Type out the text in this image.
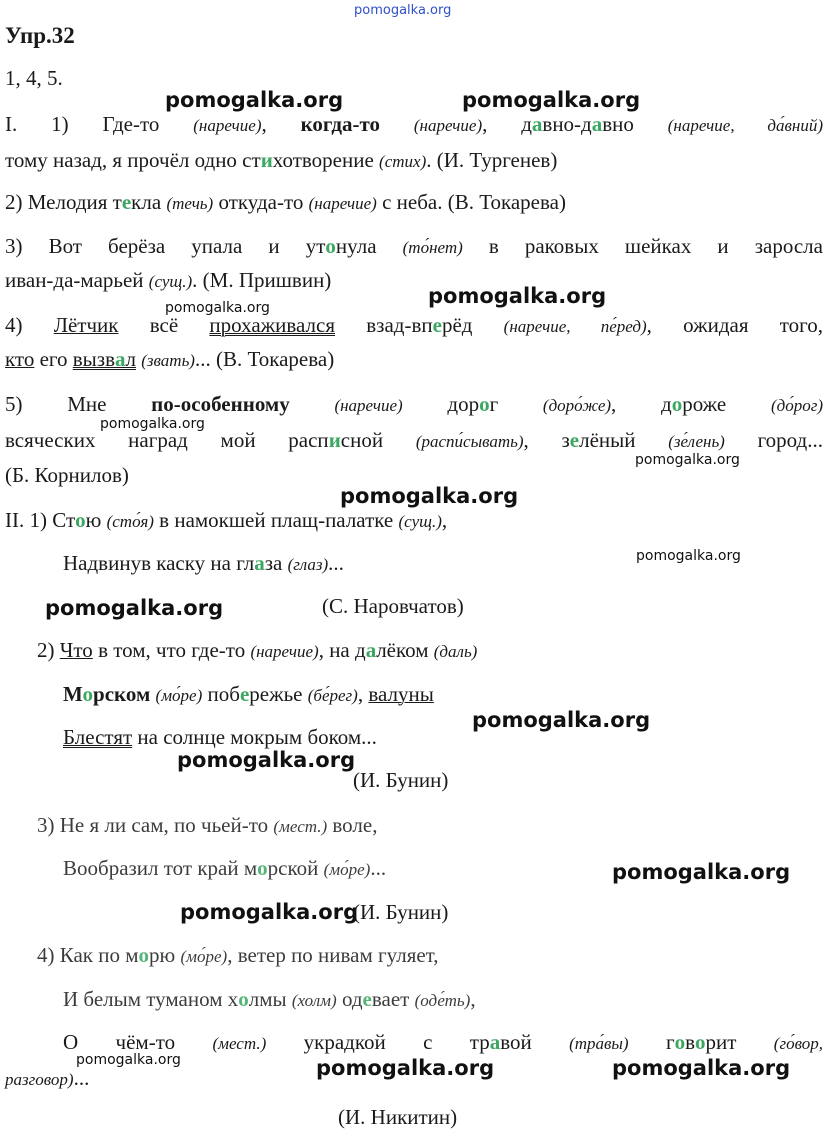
pomogalka.org
Упр.32
1, 4, 5.
I. 1) Где-то (наречие), когда-то (наречие), давно-давно (наречие, да́вний)
тому назад, я прочёл одно стихотворение (стих). (И. Тургенев)
2) Мелодия текла (течь) откуда-то (наречие) с неба. (В. Токарева)
3) Вот берёза упала и утонула (то́нет) в раковых шейках и заросла
иван-да-марьей (сущ.). (М. Пришвин)
4) Лётчик всё прохаживался взад-вперёд (наречие, пе́ред), ожидая того,
кто его вызвал (звать)... (В. Токарева)
5) Мне по-особенному	(наречие) дорог (доро́же), дороже (до́рог)
всяческих наград мой расписной (распи́сывать), зелёный (зе́лень) город...
(Б. Корнилов)
II. 1) Стою (сто́я) в намокшей плащ-палатке (сущ.),
Надвинув каску на глаза (глаз)...
(С. Наровчатов)
2) Что в том, что где-то (наречие), на далёком (даль)
Морском (мо́ре) побережье (бе́рег), валуны
Блестят на солнце мокрым боком...
(И. Бунин)
3) Не я ли сам, по чьей-то (мест.) воле,
Вообразил тот край морской (мо́ре)...
(И. Бунин)
4) Как по морю (мо́ре), ветер по нивам гуляет,
И белым туманом холмы (холм) одевает (оде́ть),
О чём-то (мест.) украдкой с травой (тра́вы) говорит (го́вор,
разговор)...
(И. Никитин)
pomogalka.org	pomogalka.org
pomogalka.org
pomogalka.org
pomogalka.org
pomogalka.org
pomogalka.org
pomogalka.org
pomogalka.org
pomogalka.org
pomogalka.org
pomogalka.org
pomogalka.org
pomogalka.org	pomogalka.org	pomogalka.org
